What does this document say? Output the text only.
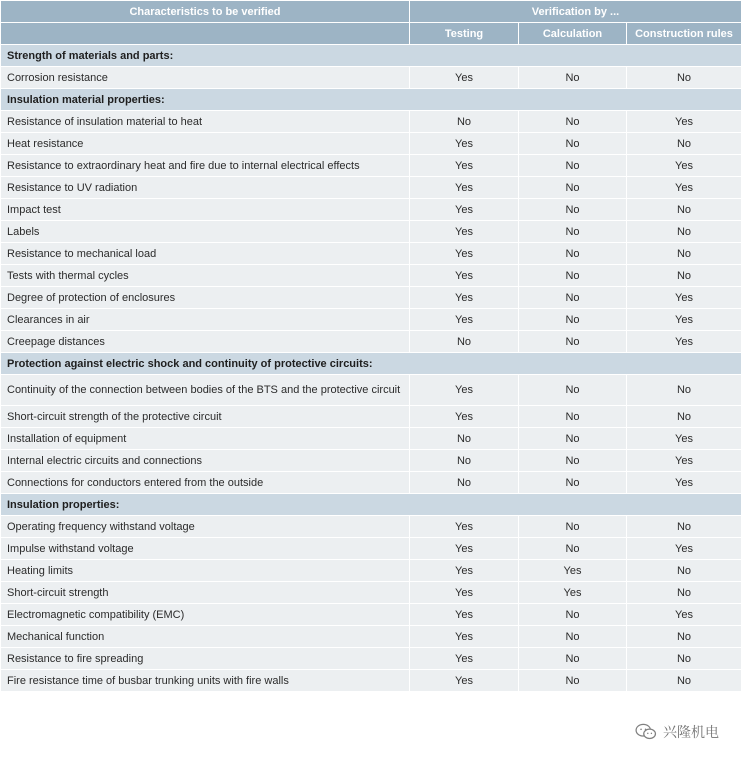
Characteristics to be verified	Verification by ...		
	Testing	Calculation	Construction rules
Strength of materials and parts:			
Corrosion resistance	Yes	No	No
Insulation material properties:			
Resistance of insulation material to heat	No	No	Yes
Heat resistance	Yes	No	No
Resistance to extraordinary heat and fire due to internal electrical effects	Yes	No	Yes
Resistance to UV radiation	Yes	No	Yes
Impact test	Yes	No	No
Labels	Yes	No	No
Resistance to mechanical load	Yes	No	No
Tests with thermal cycles	Yes	No	No
Degree of protection of enclosures	Yes	No	Yes
Clearances in air	Yes	No	Yes
Creepage distances	No	No	Yes
Protection against electric shock and continuity of protective circuits:			
Continuity of the connection between bodies of the BTS and the protective circuit	Yes	No	No
Short-circuit strength of the protective circuit	Yes	No	No
Installation of equipment	No	No	Yes
Internal electric circuits and connections	No	No	Yes
Connections for conductors entered from the outside	No	No	Yes
Insulation properties:			
Operating frequency withstand voltage	Yes	No	No
Impulse withstand voltage	Yes	No	Yes
Heating limits	Yes	Yes	No
Short-circuit strength	Yes	Yes	No
Electromagnetic compatibility (EMC)	Yes	No	Yes
Mechanical function	Yes	No	No
Resistance to fire spreading	Yes	No	No
Fire resistance time of busbar trunking units with fire walls	Yes	No	No
兴隆机电
